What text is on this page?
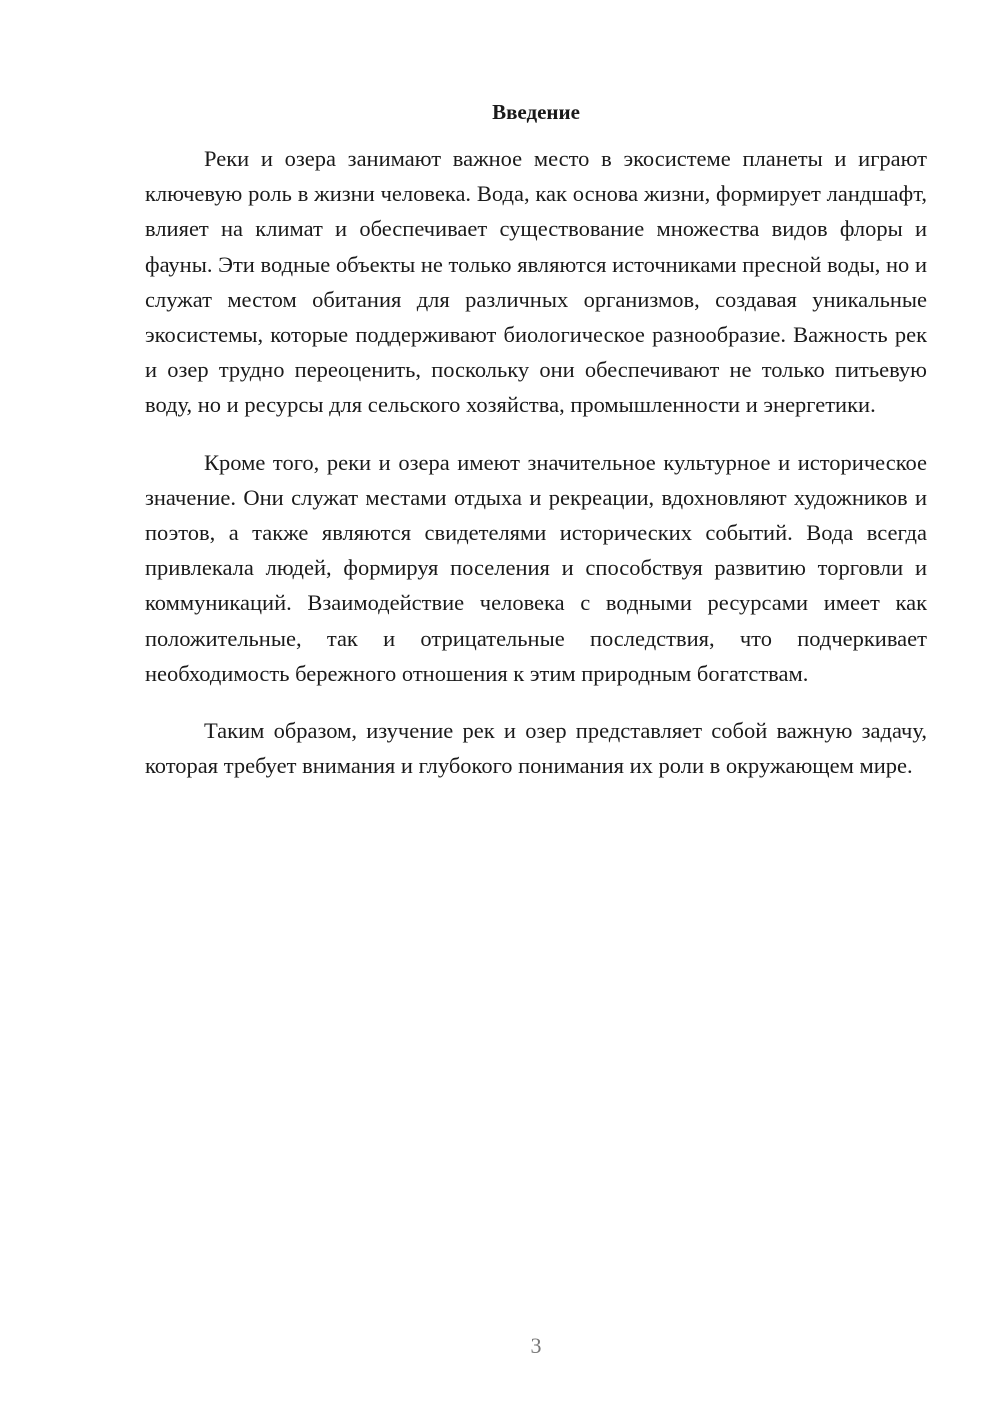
Введение

Реки и озера занимают важное место в экосистеме планеты и играют ключевую роль в жизни человека. Вода, как основа жизни, формирует ландшафт, влияет на климат и обеспечивает существование множества видов флоры и фауны. Эти водные объекты не только являются источниками пресной воды, но и служат местом обитания для различных организмов, создавая уникальные экосистемы, которые поддерживают биологическое разнообразие. Важность рек и озер трудно переоценить, поскольку они обеспечивают не только питьевую воду, но и ресурсы для сельского хозяйства, промышленности и энергетики.

Кроме того, реки и озера имеют значительное культурное и историческое значение. Они служат местами отдыха и рекреации, вдохновляют художников и поэтов, а также являются свидетелями исторических событий. Вода всегда привлекала людей, формируя поселения и способствуя развитию торговли и коммуникаций. Взаимодействие человека с водными ресурсами имеет как положительные, так и отрицательные последствия, что подчеркивает необходимость бережного отношения к этим природным богатствам.

Таким образом, изучение рек и озер представляет собой важную задачу, которая требует внимания и глубокого понимания их роли в окружающем мире.

3
